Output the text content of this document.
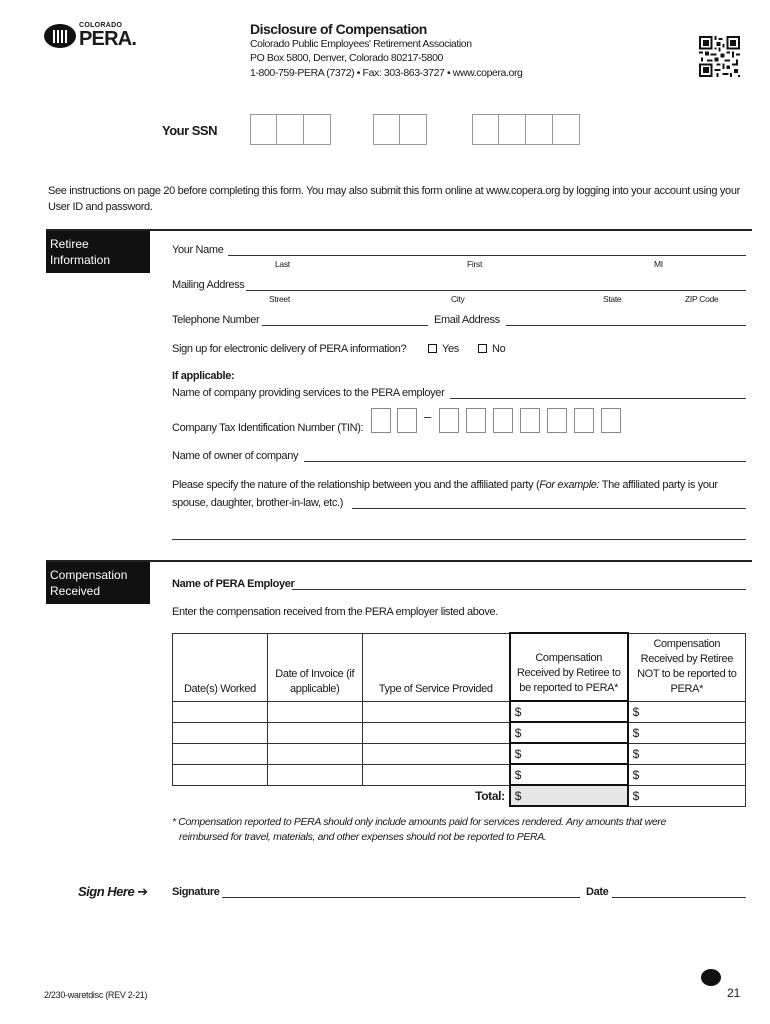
COLORADO
PERA.	Disclosure of Compensation
Colorado Public Employees' Retirement Association
PO Box 5800, Denver, Colorado 80217-5800
1-800-759-PERA (7372) • Fax: 303-863-3727 • www.copera.org
Your SSN
See instructions on page 20 before completing this form. You may also submit this form online at www.copera.org by logging into your account using your User ID and password.
Retiree Information
Your Name
Last	First	MI
Mailing Address
Street	City	State	ZIP Code
Telephone Number	Email Address
Sign up for electronic delivery of PERA information?	Yes	No
If applicable:
Name of company providing services to the PERA employer
Company Tax Identification Number (TIN):
–
Name of owner of company
Please specify the nature of the relationship between you and the affiliated party (For example: The affiliated party is your
spouse, daughter, brother-in-law, etc.)
Compensation Received	Name of PERA Employer
Enter the compensation received from the PERA employer listed above.
Date(s) Worked	Date of Invoice (if applicable)	Type of Service Provided	Compensation Received by Retiree to be reported to PERA*	Compensation Received by Retiree NOT to be reported to PERA*
			$	$
			$	$
			$	$
			$	$
Total:			$	$
* Compensation reported to PERA should only include amounts paid for services rendered. Any amounts that were
reimbursed for travel, materials, and other expenses should not be reported to PERA.
Sign Here ➔ Signature	Date
21
2/230-waretdisc (REV 2-21)
